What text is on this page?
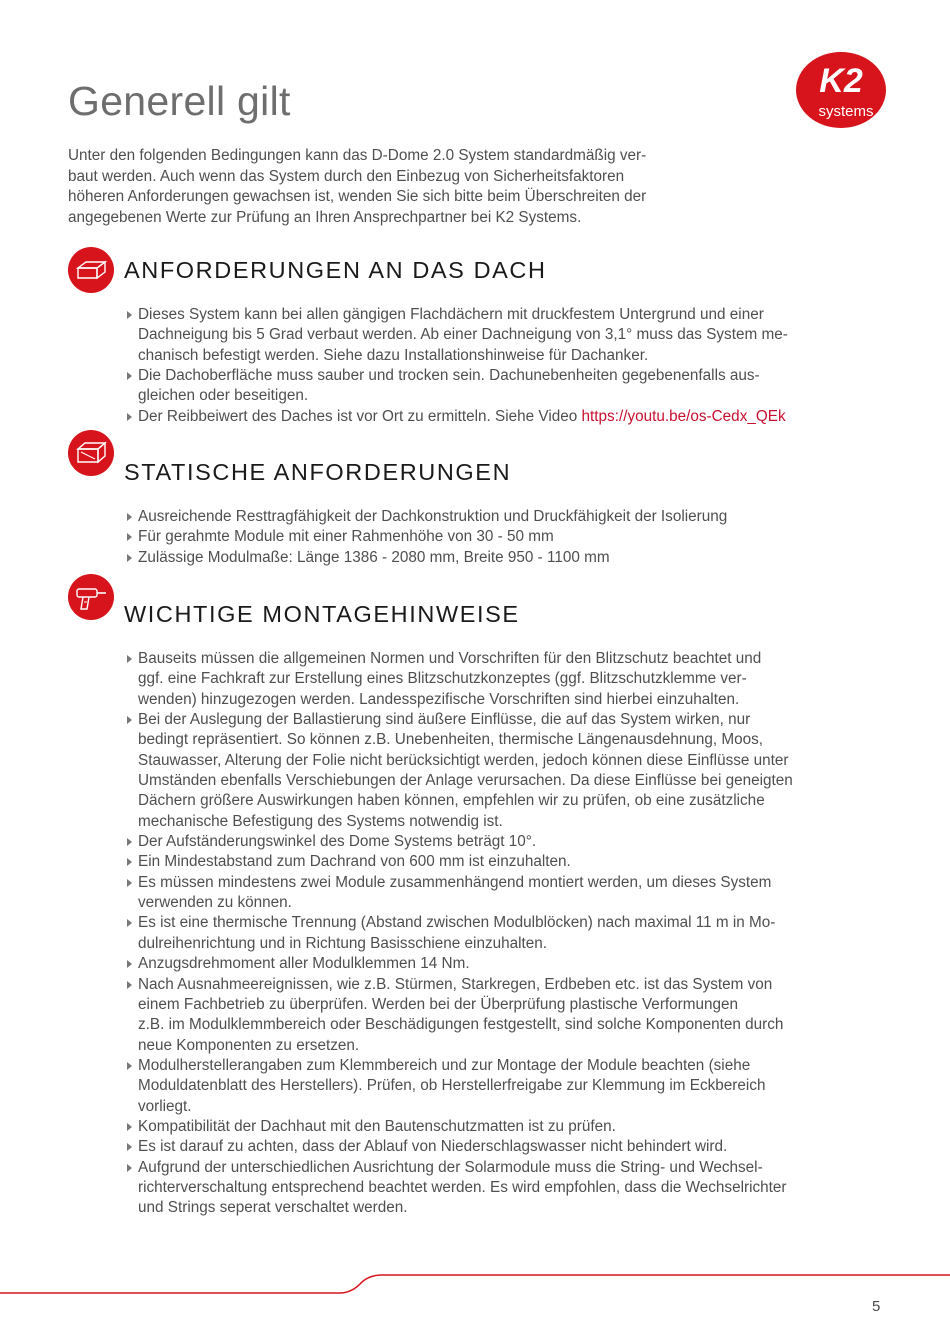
K2
systems
Generell gilt

Unter den folgenden Bedingungen kann das D-Dome 2.0 System standardmäßig ver-
baut werden. Auch wenn das System durch den Einbezug von Sicherheitsfaktoren
höheren Anforderungen gewachsen ist, wenden Sie sich bitte beim Überschreiten der
angegebenen Werte zur Prüfung an Ihren Ansprechpartner bei K2 Systems.

ANFORDERUNGEN AN DAS DACH
STATISCHE ANFORDERUNGEN
WICHTIGE MONTAGEHINWEISE
Dieses System kann bei allen gängigen Flachdächern mit druckfestem Untergrund und einer
Dachneigung bis 5 Grad verbaut werden. Ab einer Dachneigung von 3,1° muss das System me-
chanisch befestigt werden. Siehe dazu Installationshinweise für Dachanker.
Die Dachoberfläche muss sauber und trocken sein. Dachunebenheiten gegebenenfalls aus-
gleichen oder beseitigen.
Der Reibbeiwert des Daches ist vor Ort zu ermitteln. Siehe Video https://youtu.be/os-Cedx_QEk
Ausreichende Resttragfähigkeit der Dachkonstruktion und Druckfähigkeit der Isolierung
Für gerahmte Module mit einer Rahmenhöhe von 30 - 50 mm
Zulässige Modulmaße: Länge 1386 - 2080 mm, Breite 950 - 1100 mm
Bauseits müssen die allgemeinen Normen und Vorschriften für den Blitzschutz beachtet und
ggf. eine Fachkraft zur Erstellung eines Blitzschutzkonzeptes (ggf. Blitzschutzklemme ver-
wenden) hinzugezogen werden. Landesspezifische Vorschriften sind hierbei einzuhalten.
Bei der Auslegung der Ballastierung sind äußere Einflüsse, die auf das System wirken, nur
bedingt repräsentiert. So können z.B. Unebenheiten, thermische Längenausdehnung, Moos,
Stauwasser, Alterung der Folie nicht berücksichtigt werden, jedoch können diese Einflüsse unter
Umständen ebenfalls Verschiebungen der Anlage verursachen. Da diese Einflüsse bei geneigten
Dächern größere Auswirkungen haben können, empfehlen wir zu prüfen, ob eine zusätzliche
mechanische Befestigung des Systems notwendig ist.
Der Aufständerungswinkel des Dome Systems beträgt 10°.
Ein Mindestabstand zum Dachrand von 600 mm ist einzuhalten.
Es müssen mindestens zwei Module zusammenhängend montiert werden, um dieses System
verwenden zu können.
Es ist eine thermische Trennung (Abstand zwischen Modulblöcken) nach maximal 11 m in Mo-
dulreihenrichtung und in Richtung Basisschiene einzuhalten.
Anzugsdrehmoment aller Modulklemmen 14 Nm.
Nach Ausnahmeereignissen, wie z.B. Stürmen, Starkregen, Erdbeben etc. ist das System von
einem Fachbetrieb zu überprüfen. Werden bei der Überprüfung plastische Verformungen
z.B. im Modulklemmbereich oder Beschädigungen festgestellt, sind solche Komponenten durch
neue Komponenten zu ersetzen.
Modulherstellerangaben zum Klemmbereich und zur Montage der Module beachten (siehe
Moduldatenblatt des Herstellers). Prüfen, ob Herstellerfreigabe zur Klemmung im Eckbereich
vorliegt.
Kompatibilität der Dachhaut mit den Bautenschutzmatten ist zu prüfen.
Es ist darauf zu achten, dass der Ablauf von Niederschlagswasser nicht behindert wird.
Aufgrund der unterschiedlichen Ausrichtung der Solarmodule muss die String- und Wechsel-
richterverschaltung entsprechend beachtet werden. Es wird empfohlen, dass die Wechselrichter
und Strings seperat verschaltet werden.
5
